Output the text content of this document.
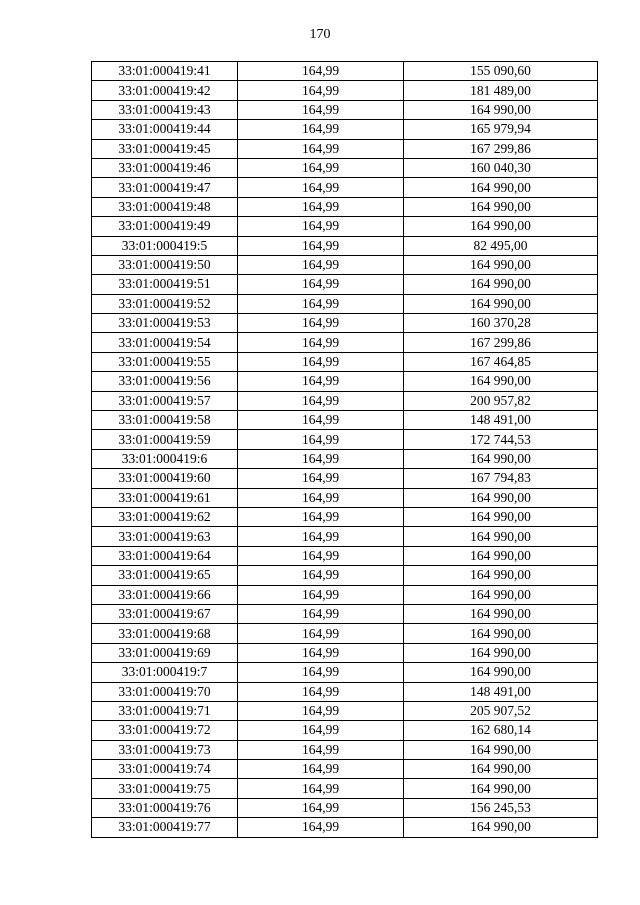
170
33:01:000419:41	164,99	155 090,60
33:01:000419:42	164,99	181 489,00
33:01:000419:43	164,99	164 990,00
33:01:000419:44	164,99	165 979,94
33:01:000419:45	164,99	167 299,86
33:01:000419:46	164,99	160 040,30
33:01:000419:47	164,99	164 990,00
33:01:000419:48	164,99	164 990,00
33:01:000419:49	164,99	164 990,00
33:01:000419:5	164,99	82 495,00
33:01:000419:50	164,99	164 990,00
33:01:000419:51	164,99	164 990,00
33:01:000419:52	164,99	164 990,00
33:01:000419:53	164,99	160 370,28
33:01:000419:54	164,99	167 299,86
33:01:000419:55	164,99	167 464,85
33:01:000419:56	164,99	164 990,00
33:01:000419:57	164,99	200 957,82
33:01:000419:58	164,99	148 491,00
33:01:000419:59	164,99	172 744,53
33:01:000419:6	164,99	164 990,00
33:01:000419:60	164,99	167 794,83
33:01:000419:61	164,99	164 990,00
33:01:000419:62	164,99	164 990,00
33:01:000419:63	164,99	164 990,00
33:01:000419:64	164,99	164 990,00
33:01:000419:65	164,99	164 990,00
33:01:000419:66	164,99	164 990,00
33:01:000419:67	164,99	164 990,00
33:01:000419:68	164,99	164 990,00
33:01:000419:69	164,99	164 990,00
33:01:000419:7	164,99	164 990,00
33:01:000419:70	164,99	148 491,00
33:01:000419:71	164,99	205 907,52
33:01:000419:72	164,99	162 680,14
33:01:000419:73	164,99	164 990,00
33:01:000419:74	164,99	164 990,00
33:01:000419:75	164,99	164 990,00
33:01:000419:76	164,99	156 245,53
33:01:000419:77	164,99	164 990,00
